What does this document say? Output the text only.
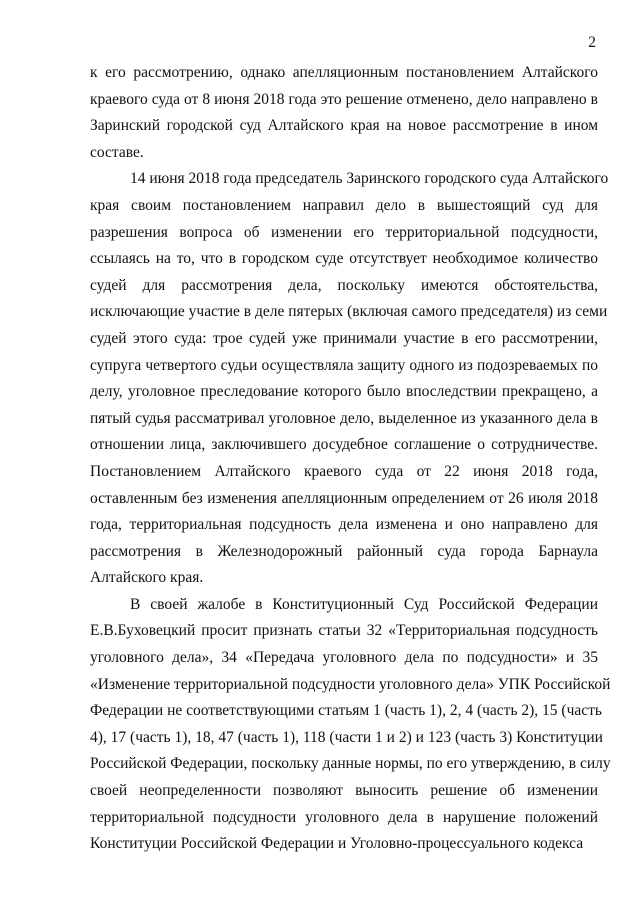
2
к его рассмотрению, однако апелляционным постановлением Алтайского
краевого суда от 8 июня 2018 года это решение отменено, дело направлено в
Заринский городской суд Алтайского края на новое рассмотрение в ином
составе.
14 июня 2018 года председатель Заринского городского суда Алтайского
края своим постановлением направил дело в вышестоящий суд для
разрешения вопроса об изменении его территориальной подсудности,
ссылаясь на то, что в городском суде отсутствует необходимое количество
судей для рассмотрения дела, поскольку имеются обстоятельства,
исключающие участие в деле пятерых (включая самого председателя) из семи
судей этого суда: трое судей уже принимали участие в его рассмотрении,
супруга четвертого судьи осуществляла защиту одного из подозреваемых по
делу, уголовное преследование которого было впоследствии прекращено, а
пятый судья рассматривал уголовное дело, выделенное из указанного дела в
отношении лица, заключившего досудебное соглашение о сотрудничестве.
Постановлением Алтайского краевого суда от 22 июня 2018 года,
оставленным без изменения апелляционным определением от 26 июля 2018
года, территориальная подсудность дела изменена и оно направлено для
рассмотрения в Железнодорожный районный суда города Барнаула
Алтайского края.
В своей жалобе в Конституционный Суд Российской Федерации
Е.В.Буховецкий просит признать статьи 32 «Территориальная подсудность
уголовного дела», 34 «Передача уголовного дела по подсудности» и 35
«Изменение территориальной подсудности уголовного дела» УПК Российской
Федерации не соответствующими статьям 1 (часть 1), 2, 4 (часть 2), 15 (часть
4), 17 (часть 1), 18, 47 (часть 1), 118 (части 1 и 2) и 123 (часть 3) Конституции
Российской Федерации, поскольку данные нормы, по его утверждению, в силу
своей неопределенности позволяют выносить решение об изменении
территориальной подсудности уголовного дела в нарушение положений
Конституции Российской Федерации и Уголовно-процессуального кодекса
